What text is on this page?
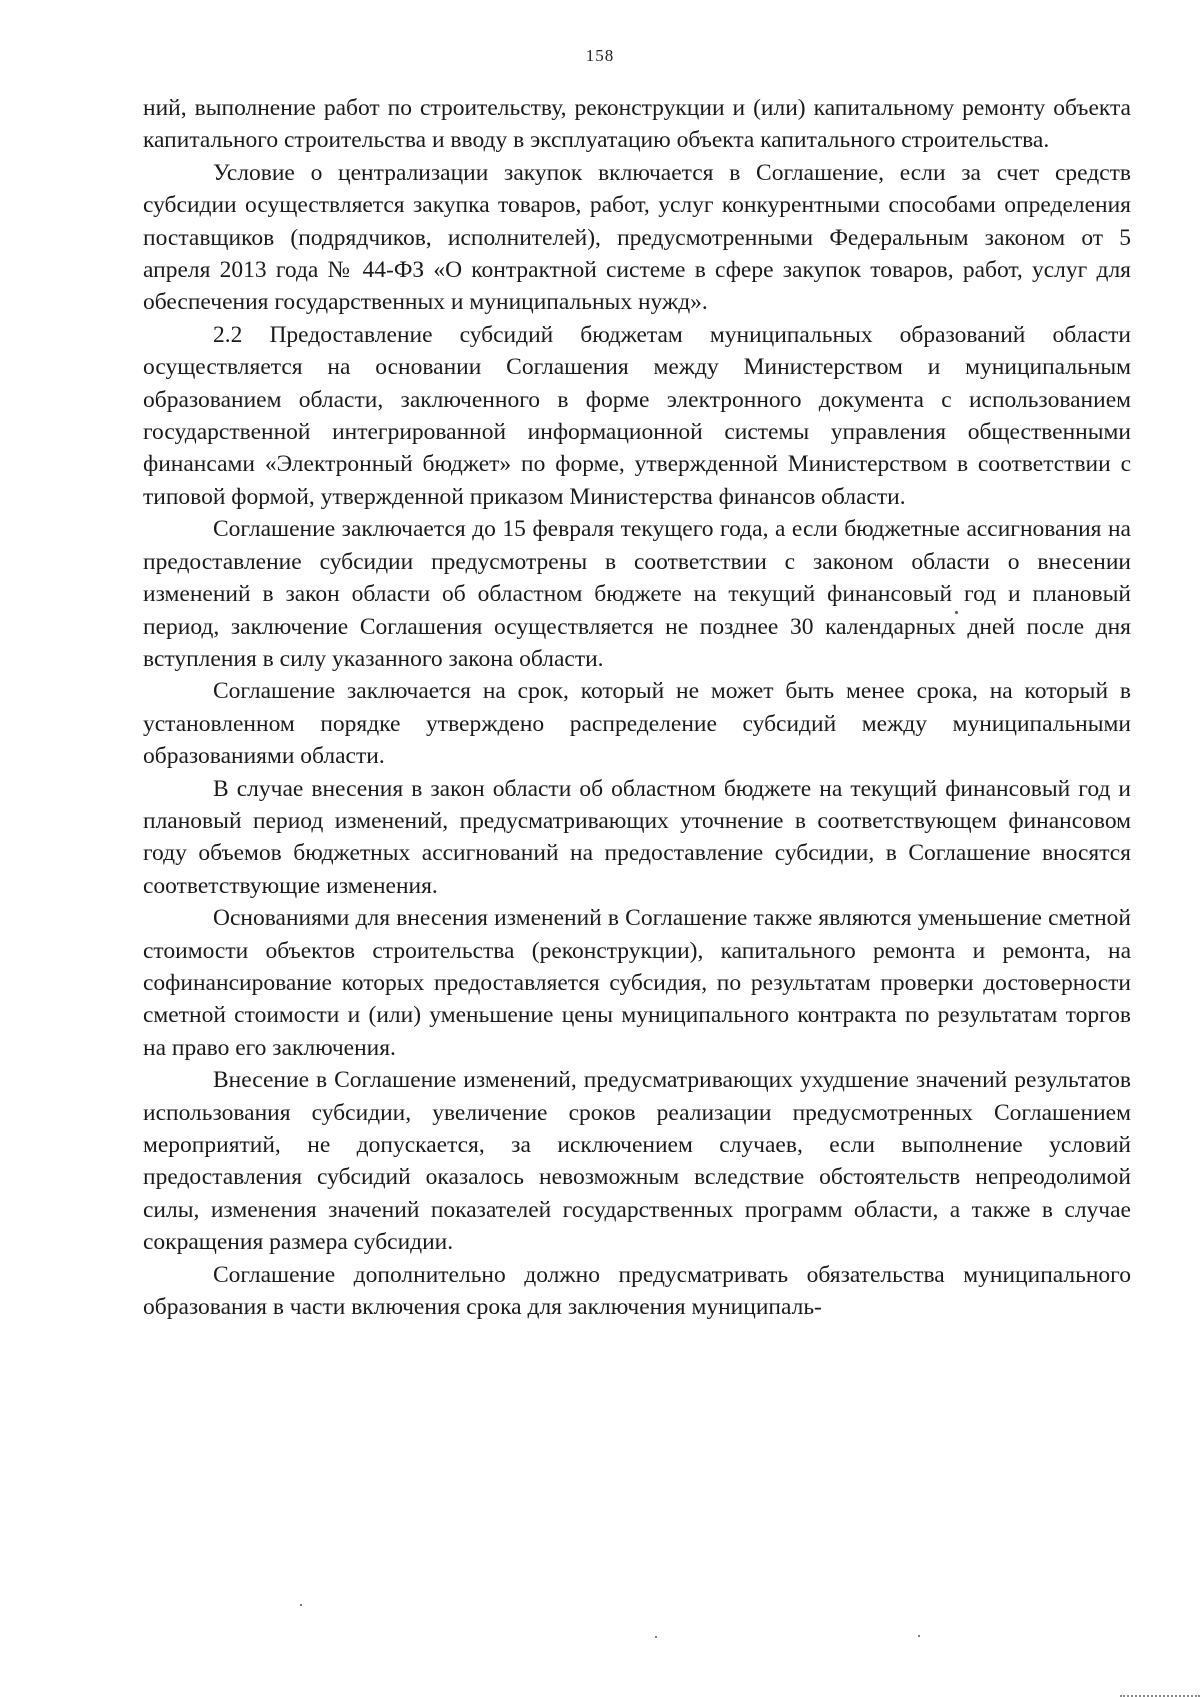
158

ний, выполнение работ по строительству, реконструкции и (или) капитальному ремонту объекта капитального строительства и вводу в эксплуатацию объекта капитального строительства.

Условие о централизации закупок включается в Соглашение, если за счет средств субсидии осуществляется закупка товаров, работ, услуг конкурентными способами определения поставщиков (подрядчиков, исполнителей), предусмотренными Федеральным законом от 5 апреля 2013 года № 44-ФЗ «О контрактной системе в сфере закупок товаров, работ, услуг для обеспечения государственных и муниципальных нужд».

2.2 Предоставление субсидий бюджетам муниципальных образований области осуществляется на основании Соглашения между Министерством и муниципальным образованием области, заключенного в форме электронного документа с использованием государственной интегрированной информационной системы управления общественными финансами «Электронный бюджет» по форме, утвержденной Министерством в соответствии с типовой формой, утвержденной приказом Министерства финансов области.

Соглашение заключается до 15 февраля текущего года, а если бюджетные ассигнования на предоставление субсидии предусмотрены в соответствии с законом области о внесении изменений в закон области об областном бюджете на текущий финансовый год и плановый период, заключение Соглашения осуществляется не позднее 30 календарных дней после дня вступления в силу указанного закона области.

Соглашение заключается на срок, который не может быть менее срока, на который в установленном порядке утверждено распределение субсидий между муниципальными образованиями области.

В случае внесения в закон области об областном бюджете на текущий финансовый год и плановый период изменений, предусматривающих уточнение в соответствующем финансовом году объемов бюджетных ассигнований на предоставление субсидии, в Соглашение вносятся соответствующие изменения.

Основаниями для внесения изменений в Соглашение также являются уменьшение сметной стоимости объектов строительства (реконструкции), капитального ремонта и ремонта, на софинансирование которых предоставляется субсидия, по результатам проверки достоверности сметной стоимости и (или) уменьшение цены муниципального контракта по результатам торгов на право его заключения.

Внесение в Соглашение изменений, предусматривающих ухудшение значений результатов использования субсидии, увеличение сроков реализации предусмотренных Соглашением мероприятий, не допускается, за исключением случаев, если выполнение условий предоставления субсидий оказалось невозможным вследствие обстоятельств непреодолимой силы, изменения значений показателей государственных программ области, а также в случае сокращения размера субсидии.

Соглашение дополнительно должно предусматривать обязательства муниципального образования в части включения срока для заключения муниципаль-
